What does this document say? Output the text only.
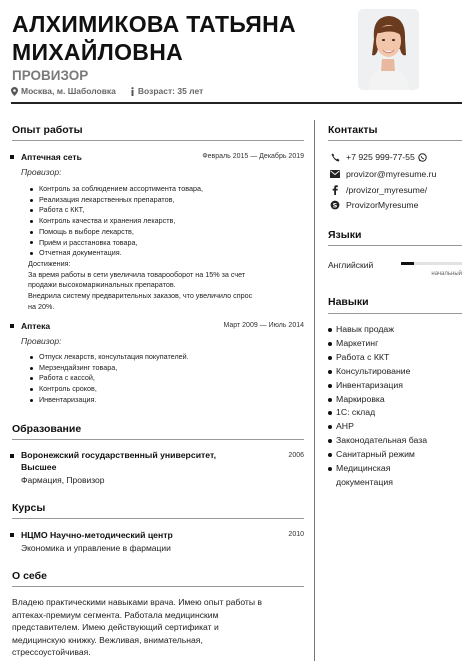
АЛХИМИКОВА ТАТЬЯНА
МИХАЙЛОВНА
ПРОВИЗОР
Москва, м. Шаболовка	Возраст: 35 лет
Опыт работы
Аптечная сеть	Февраль 2015 — Декабрь 2019
Провизор:
Контроль за соблюдением ассортимента товара,
Реализация лекарственных препаратов,
Работа с ККТ,
Контроль качества и хранения лекарств,
Помощь в выборе лекарств,
Приём и расстановка товара,
Отчетная документация.
Достижения:
За время работы в сети увеличила товарооборот на 15% за счет
продажи высокомаржинальных препаратов.
Внедрила систему предварительных заказов, что увеличило спрос
на 20%.
Аптека	Март 2009 — Июль 2014
Провизор:
Отпуск лекарств, консультация покупателей.
Мерзендайзинг товара,
Работа с кассой,
Контроль сроков,
Инвентаризация.
Образование
Воронежский государственный университет,
Высшее
2006
Фармация, Провизор
Курсы
НЦМО Научно-методический центр	2010
Экономика и управление в фармации
О себе
Владею практическими навыками врача. Имею опыт работы в
аптеках-премиум сегмента. Работала медицинским
представителем. Имею действующий сертификат и
медицинскую книжку. Вежливая, внимательная,
стрессоустойчивая.
Контакты
+7 925 999-77-55
provizor@myresume.ru
/provizor_myresume/
S ProvizorMyresume
Языки
Английский
начальный
Навыки
Навык продаж
Маркетинг
Работа с ККТ
Консультирование
Инвентаризация
Маркировка
1С: склад
АНР
Законодательная база
Санитарный режим
Медицинская
документация
